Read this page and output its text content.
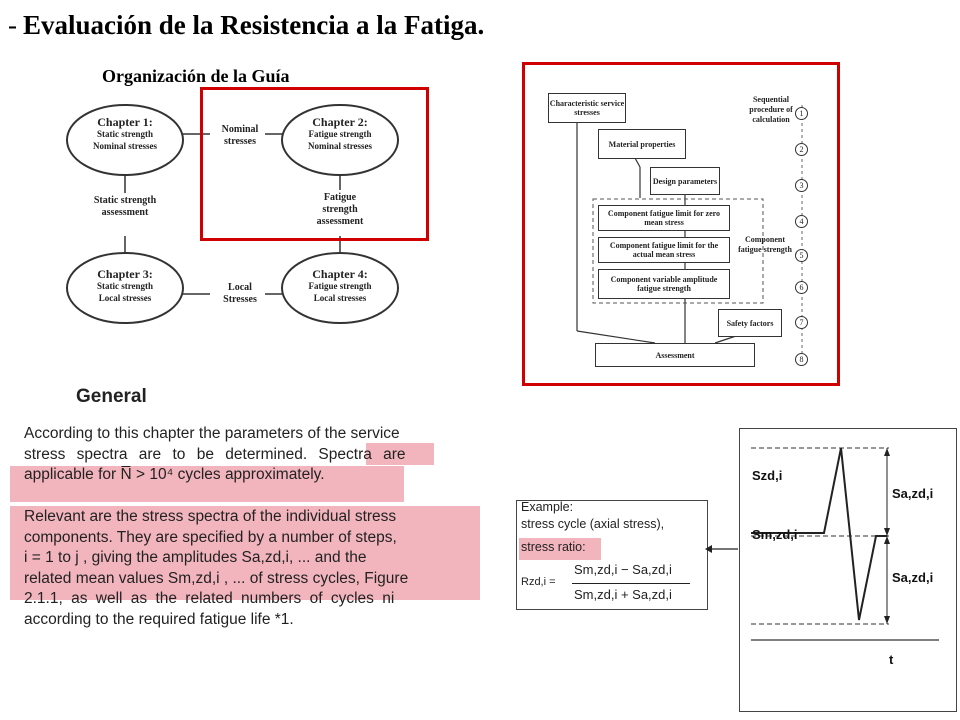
- Evaluación de la Resistencia a la Fatiga.
Organización de la Guía
Chapter 1:
Static strength
Nominal stresses
Chapter 2:
Fatigue strength
Nominal stresses
Chapter 3:
Static strength
Local stresses
Chapter 4:
Fatigue strength
Local stresses
Nominal stresses
Local Stresses
Static strength assessment
Fatigue strength assessment
Characteristic service stresses
Material properties
Design parameters
Component fatigue limit for zero mean stress
Component fatigue limit for the actual mean stress
Component variable amplitude fatigue strength
Safety factors
Assessment
Component fatigue strength
Sequential procedure of calculation
1
2
3
4
5
6
7
8
General
According to this chapter the parameters of the service
stress spectra are to be determined. Spectra are
applicable for N̅ > 10⁴ cycles approximately.
Relevant are the stress spectra of the individual stress
components. They are specified by a number of steps,
i = 1 to j , giving the amplitudes Sa,zd,i, ... and the
related mean values Sm,zd,i , ... of stress cycles, Figure
2.1.1, as well as the related numbers of cycles ni
according to the required fatigue life *1.
Example:
stress cycle (axial stress),
stress ratio:
Rzd,i =
Sm,zd,i − Sa,zd,i
Sm,zd,i + Sa,zd,i
Szd,i
Sm,zd,i
Sa,zd,i
Sa,zd,i
t
